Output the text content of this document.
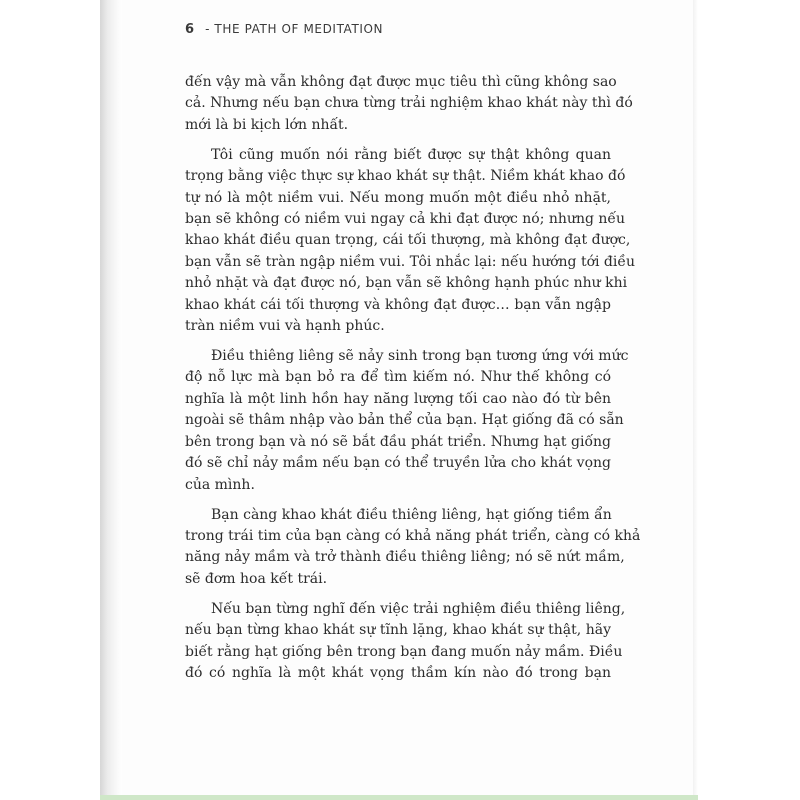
6 - THE PATH OF MEDITATION
đến vậy mà vẫn không đạt được mục tiêu thì cũng không sao
cả. Nhưng nếu bạn chưa từng trải nghiệm khao khát này thì đó
mới là bi kịch lớn nhất.
Tôi cũng muốn nói rằng biết được sự thật không quan
trọng bằng việc thực sự khao khát sự thật. Niềm khát khao đó
tự nó là một niềm vui. Nếu mong muốn một điều nhỏ nhặt,
bạn sẽ không có niềm vui ngay cả khi đạt được nó; nhưng nếu
khao khát điều quan trọng, cái tối thượng, mà không đạt được,
bạn vẫn sẽ tràn ngập niềm vui. Tôi nhắc lại: nếu hướng tới điều
nhỏ nhặt và đạt được nó, bạn vẫn sẽ không hạnh phúc như khi
khao khát cái tối thượng và không đạt được… bạn vẫn ngập
tràn niềm vui và hạnh phúc.
Điều thiêng liêng sẽ nảy sinh trong bạn tương ứng với mức
độ nỗ lực mà bạn bỏ ra để tìm kiếm nó. Như thế không có
nghĩa là một linh hồn hay năng lượng tối cao nào đó từ bên
ngoài sẽ thâm nhập vào bản thể của bạn. Hạt giống đã có sẵn
bên trong bạn và nó sẽ bắt đầu phát triển. Nhưng hạt giống
đó sẽ chỉ nảy mầm nếu bạn có thể truyền lửa cho khát vọng
của mình.
Bạn càng khao khát điều thiêng liêng, hạt giống tiềm ẩn
trong trái tim của bạn càng có khả năng phát triển, càng có khả
năng nảy mầm và trở thành điều thiêng liêng; nó sẽ nứt mầm,
sẽ đơm hoa kết trái.
Nếu bạn từng nghĩ đến việc trải nghiệm điều thiêng liêng,
nếu bạn từng khao khát sự tĩnh lặng, khao khát sự thật, hãy
biết rằng hạt giống bên trong bạn đang muốn nảy mầm. Điều
đó có nghĩa là một khát vọng thầm kín nào đó trong bạn
